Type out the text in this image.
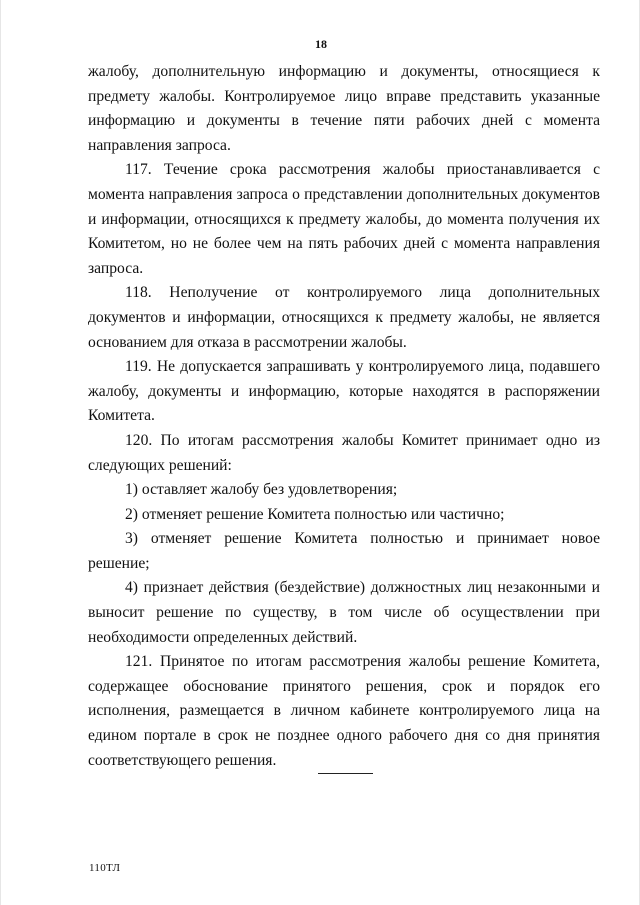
18

жалобу, дополнительную информацию и документы, относящиеся к предмету жалобы. Контролируемое лицо вправе представить указанные информацию и документы в течение пяти рабочих дней с момента направления запроса.

117. Течение срока рассмотрения жалобы приостанавливается с момента направления запроса о представлении дополнительных документов и информации, относящихся к предмету жалобы, до момента получения их Комитетом, но не более чем на пять рабочих дней с момента направления запроса.

118. Неполучение от контролируемого лица дополнительных документов и информации, относящихся к предмету жалобы, не является основанием для отказа в рассмотрении жалобы.

119. Не допускается запрашивать у контролируемого лица, подавшего жалобу, документы и информацию, которые находятся в распоряжении Комитета.

120. По итогам рассмотрения жалобы Комитет принимает одно из следующих решений:

1) оставляет жалобу без удовлетворения;

2) отменяет решение Комитета полностью или частично;

3) отменяет решение Комитета полностью и принимает новое решение;

4) признает действия (бездействие) должностных лиц незаконными и выносит решение по существу, в том числе об осуществлении при необходимости определенных действий.

121. Принятое по итогам рассмотрения жалобы решение Комитета, содержащее обоснование принятого решения, срок и порядок его исполнения, размещается в личном кабинете контролируемого лица на едином портале в срок не позднее одного рабочего дня со дня принятия соответствующего решения.

110ТЛ
